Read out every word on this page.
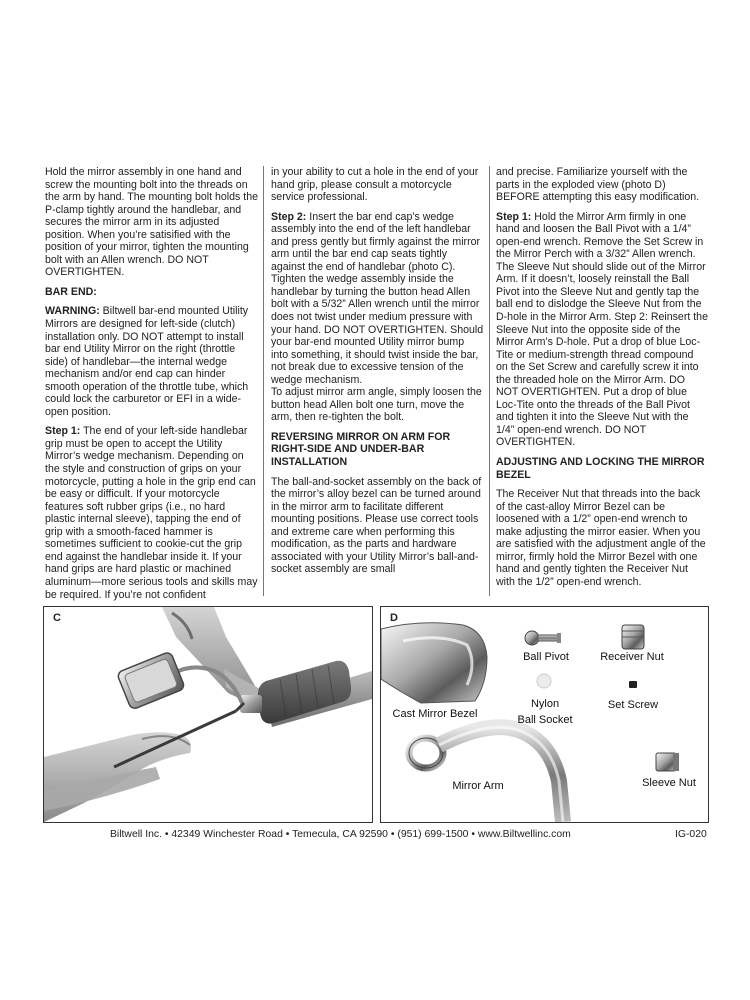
Hold the mirror assembly in one hand and screw the mounting bolt into the threads on the arm by hand. The mounting bolt holds the P-clamp tightly around the handlebar, and secures the mirror arm in its adjusted position. When you’re satisified with the position of your mirror, tighten the mounting bolt with an Allen wrench. DO NOT OVERTIGHTEN.

BAR END:

WARNING: Biltwell bar-end mounted Utility Mirrors are designed for left-side (clutch) installation only. DO NOT attempt to install bar end Utility Mirror on the right (throttle side) of handlebar—the internal wedge mechanism and/or end cap can hinder smooth operation of the throttle tube, which could lock the carburetor or EFI in a wide-open position.

Step 1: The end of your left-side handlebar grip must be open to accept the Utility Mirror’s wedge mechanism. Depending on the style and construction of grips on your motorcycle, putting a hole in the grip end can be easy or difficult. If your motorcycle features soft rubber grips (i.e., no hard plastic internal sleeve), tapping the end of grip with a smooth-faced hammer is sometimes sufficient to cookie-cut the grip end against the handlebar inside it. If your hand grips are hard plastic or machined aluminum—more serious tools and skills may be required. If you’re not confident

in your ability to cut a hole in the end of your hand grip, please consult a motorcycle service professional.

Step 2: Insert the bar end cap’s wedge assembly into the end of the left handlebar and press gently but firmly against the mirror arm until the bar end cap seats tightly against the end of handlebar (photo C). Tighten the wedge assembly inside the handlebar by turning the button head Allen bolt with a 5/32” Allen wrench until the mirror does not twist under medium pressure with your hand. DO NOT OVERTIGHTEN. Should your bar-end mounted Utility mirror bump into something, it should twist inside the bar, not break due to excessive tension of the wedge mechanism.

To adjust mirror arm angle, simply loosen the button head Allen bolt one turn, move the arm, then re-tighten the bolt.

REVERSING MIRROR ON ARM FOR RIGHT-SIDE AND UNDER-BAR INSTALLATION

The ball-and-socket assembly on the back of the mirror’s alloy bezel can be turned around in the mirror arm to facilitate different mounting positions. Please use correct tools and extreme care when performing this modification, as the parts and hardware associated with your Utility Mirror’s ball-and-socket assembly are small

and precise. Familiarize yourself with the parts in the exploded view (photo D) BEFORE attempting this easy modification.

Step 1: Hold the Mirror Arm firmly in one hand and loosen the Ball Pivot with a 1/4” open-end wrench. Remove the Set Screw in the Mirror Perch with a 3/32” Allen wrench. The Sleeve Nut should slide out of the Mirror Arm. If it doesn’t, loosely reinstall the Ball Pivot into the Sleeve Nut and gently tap the ball end to dislodge the Sleeve Nut from the D-hole in the Mirror Arm. Step 2: Reinsert the Sleeve Nut into the opposite side of the Mirror Arm’s D-hole. Put a drop of blue Loc-Tite or medium-strength thread compound on the Set Screw and carefully screw it into the threaded hole on the Mirror Arm. DO NOT OVERTIGHTEN. Put a drop of blue Loc-Tite onto the threads of the Ball Pivot and tighten it into the Sleeve Nut with the 1/4” open-end wrench. DO NOT OVERTIGHTEN.

ADJUSTING AND LOCKING THE MIRROR BEZEL

The Receiver Nut that threads into the back of the cast-alloy Mirror Bezel can be loosened with a 1/2” open-end wrench to make adjusting the mirror easier. When you are satisfied with the adjustment angle of the mirror, firmly hold the Mirror Bezel with one hand and gently tighten the Receiver Nut with the 1/2” open-end wrench.

C	D
Ball Pivot	Receiver Nut
Cast Mirror Bezel
Nylon
Ball Socket
Set Screw
Mirror Arm	Sleeve Nut
Biltwell Inc. • 42349 Winchester Road • Temecula, CA 92590 • (951) 699-1500 • www.Biltwellinc.com	IG-020
